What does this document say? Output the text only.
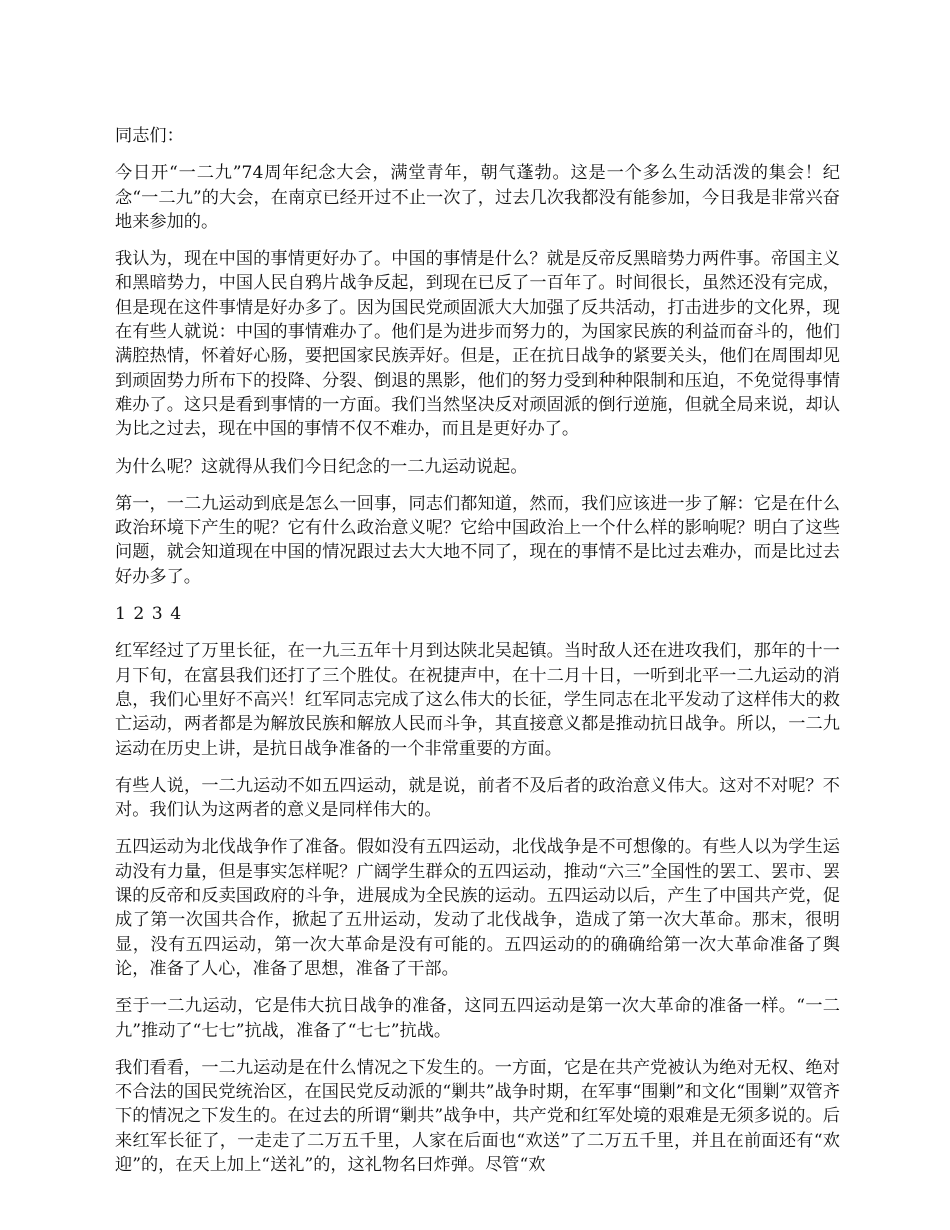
同志们：

今日开“一二九”74周年纪念大会，满堂青年，朝气蓬勃。这是一个多么生动活泼的集会！纪念“一二九”的大会，在南京已经开过不止一次了，过去几次我都没有能参加，今日我是非常兴奋地来参加的。

我认为，现在中国的事情更好办了。中国的事情是什么？就是反帝反黑暗势力两件事。帝国主义和黑暗势力，中国人民自鸦片战争反起，到现在已反了一百年了。时间很长，虽然还没有完成，但是现在这件事情是好办多了。因为国民党顽固派大大加强了反共活动，打击进步的文化界，现在有些人就说：中国的事情难办了。他们是为进步而努力的，为国家民族的利益而奋斗的，他们满腔热情，怀着好心肠，要把国家民族弄好。但是，正在抗日战争的紧要关头，他们在周围却见到顽固势力所布下的投降、分裂、倒退的黑影，他们的努力受到种种限制和压迫，不免觉得事情难办了。这只是看到事情的一方面。我们当然坚决反对顽固派的倒行逆施，但就全局来说，却认为比之过去，现在中国的事情不仅不难办，而且是更好办了。

为什么呢？这就得从我们今日纪念的一二九运动说起。

第一，一二九运动到底是怎么一回事，同志们都知道，然而，我们应该进一步了解：它是在什么政治环境下产生的呢？它有什么政治意义呢？它给中国政治上一个什么样的影响呢？明白了这些问题，就会知道现在中国的情况跟过去大大地不同了，现在的事情不是比过去难办，而是比过去好办多了。

1 2 3 4

红军经过了万里长征，在一九三五年十月到达陕北吴起镇。当时敌人还在进攻我们，那年的十一月下旬，在富县我们还打了三个胜仗。在祝捷声中，在十二月十日，一听到北平一二九运动的消息，我们心里好不高兴！红军同志完成了这么伟大的长征，学生同志在北平发动了这样伟大的救亡运动，两者都是为解放民族和解放人民而斗争，其直接意义都是推动抗日战争。所以，一二九运动在历史上讲，是抗日战争准备的一个非常重要的方面。

有些人说，一二九运动不如五四运动，就是说，前者不及后者的政治意义伟大。这对不对呢？不对。我们认为这两者的意义是同样伟大的。

五四运动为北伐战争作了准备。假如没有五四运动，北伐战争是不可想像的。有些人以为学生运动没有力量，但是事实怎样呢？广阔学生群众的五四运动，推动“六三”全国性的罢工、罢市、罢课的反帝和反卖国政府的斗争，进展成为全民族的运动。五四运动以后，产生了中国共产党，促成了第一次国共合作，掀起了五卅运动，发动了北伐战争，造成了第一次大革命。那末，很明显，没有五四运动，第一次大革命是没有可能的。五四运动的的确确给第一次大革命准备了舆论，准备了人心，准备了思想，准备了干部。

至于一二九运动，它是伟大抗日战争的准备，这同五四运动是第一次大革命的准备一样。“一二九”推动了“七七”抗战，准备了“七七”抗战。

我们看看，一二九运动是在什么情况之下发生的。一方面，它是在共产党被认为绝对无权、绝对不合法的国民党统治区，在国民党反动派的“剿共”战争时期，在军事“围剿”和文化“围剿”双管齐下的情况之下发生的。在过去的所谓“剿共”战争中，共产党和红军处境的艰难是无须多说的。后来红军长征了，一走走了二万五千里，人家在后面也“欢送”了二万五千里，并且在前面还有“欢迎”的，在天上加上“送礼”的，这礼物名曰炸弹。尽管“欢
